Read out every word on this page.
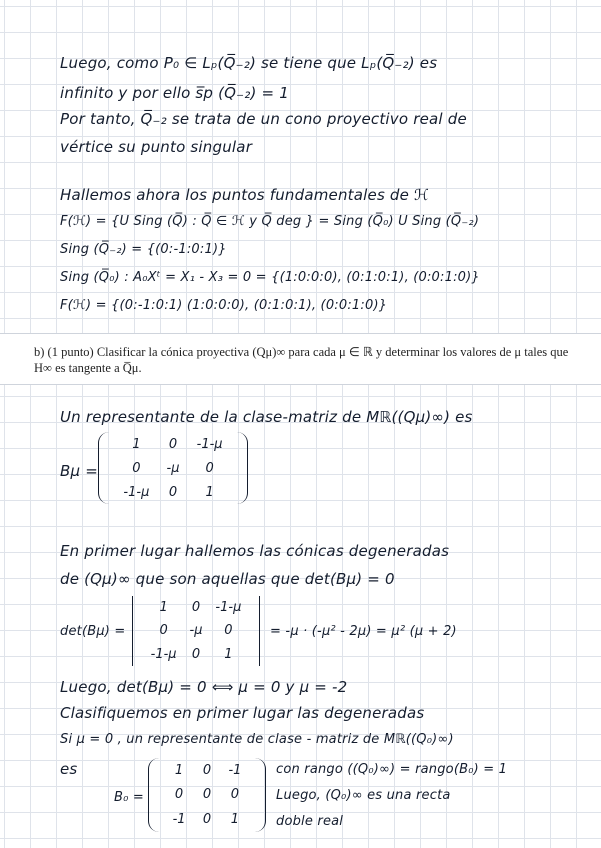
Luego, como P₀ ∈ Lₚ(Q̅₋₂) se tiene que Lₚ(Q̅₋₂) es
infinito y por ello s̅p (Q̅₋₂) = 1
Por tanto, Q̅₋₂ se trata de un cono proyectivo real de
vértice su punto singular
Hallemos ahora los puntos fundamentales de ℋ
F(ℋ) = {U Sing (Q̅) : Q̅ ∈ ℋ y Q̅ deg } = Sing (Q̅₀) U Sing (Q̅₋₂)
Sing (Q̅₋₂) = {(0:-1:0:1)}
Sing (Q̅₀) : A₀Xᵗ = X₁ - X₃ = 0 = {(1:0:0:0), (0:1:0:1), (0:0:1:0)}
F(ℋ) = {(0:-1:0:1) (1:0:0:0), (0:1:0:1), (0:0:1:0)}
b) (1 punto) Clasificar la cónica proyectiva (Qμ)∞ para cada μ ∈ ℝ y determinar los valores de μ tales que H∞ es tangente a Q̅μ.
Un representante de la clase-matriz de Mℝ((Qμ)∞) es
Bμ =
1	0	-1-μ
0	-μ	0
-1-μ	0	1
En primer lugar hallemos las cónicas degeneradas
de (Qμ)∞ que son aquellas que det(Bμ) = 0
det(Bμ) =
1	0	-1-μ
0	-μ	0
-1-μ	0	1
= -μ · (-μ² - 2μ) = μ² (μ + 2)
Luego, det(Bμ) = 0 ⟺ μ = 0 y μ = -2
Clasifiquemos en primer lugar las degeneradas
Si μ = 0 , un representante de clase - matriz de Mℝ((Q₀)∞)
es
B₀ =
1	0	-1
0	0	0
-1	0	1
con rango ((Q₀)∞) = rango(B₀) = 1
Luego, (Q₀)∞ es una recta
doble real
